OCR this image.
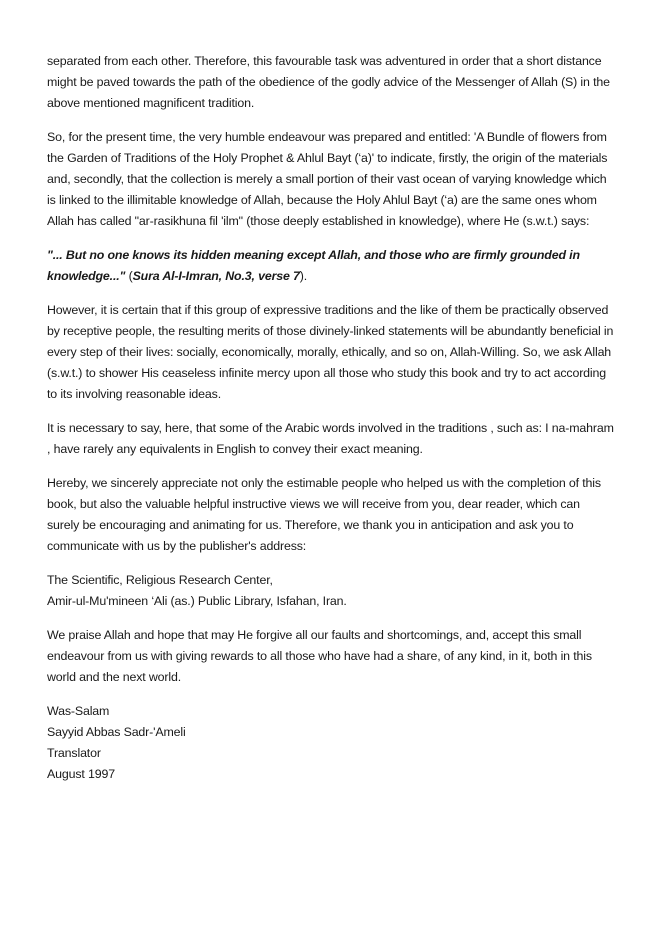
separated from each other. Therefore, this favourable task was adventured in order that a short distance might be paved towards the path of the obedience of the godly advice of the Messenger of Allah (S) in the above mentioned magnificent tradition.

So, for the present time, the very humble endeavour was prepared and entitled: 'A Bundle of flowers from the Garden of Traditions of the Holy Prophet & Ahlul Bayt (‘a)' to indicate, firstly, the origin of the materials and, secondly, that the collection is merely a small portion of their vast ocean of varying knowledge which is linked to the illimitable knowledge of Allah, because the Holy Ahlul Bayt (‘a) are the same ones whom Allah has called "ar-rasikhuna fil 'ilm" (those deeply established in knowledge), where He (s.w.t.) says:

"... But no one knows its hidden meaning except Allah, and those who are firmly grounded in knowledge..." (Sura Al-I-Imran, No.3, verse 7).

However, it is certain that if this group of expressive traditions and the like of them be practically observed by receptive people, the resulting merits of those divinely-linked statements will be abundantly beneficial in every step of their lives: socially, economically, morally, ethically, and so on, Allah-Willing. So, we ask Allah (s.w.t.) to shower His ceaseless infinite mercy upon all those who study this book and try to act according to its involving reasonable ideas.

It is necessary to say, here, that some of the Arabic words involved in the traditions , such as: I na-mahram , have rarely any equivalents in English to convey their exact meaning.

Hereby, we sincerely appreciate not only the estimable people who helped us with the completion of this book, but also the valuable helpful instructive views we will receive from you, dear reader, which can surely be encouraging and animating for us. Therefore, we thank you in anticipation and ask you to communicate with us by the publisher's address:

The Scientific, Religious Research Center,
Amir-ul-Mu'mineen ‘Ali (as.) Public Library, Isfahan, Iran.

We praise Allah and hope that may He forgive all our faults and shortcomings, and, accept this small endeavour from us with giving rewards to all those who have had a share, of any kind, in it, both in this world and the next world.

Was-Salam
Sayyid Abbas Sadr-'Ameli
Translator
August 1997
